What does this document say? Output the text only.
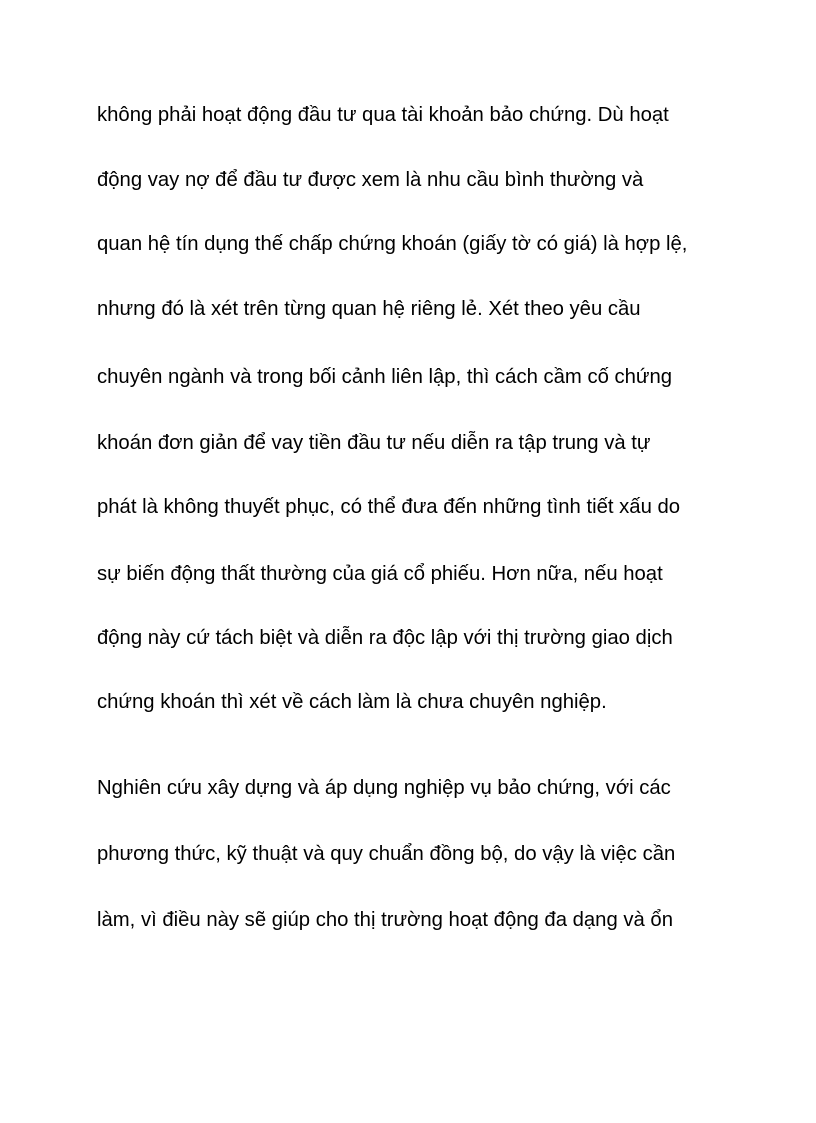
không phải hoạt động đầu tư qua tài khoản bảo chứng. Dù hoạt
động vay nợ để đầu tư được xem là nhu cầu bình thường và
quan hệ tín dụng thế chấp chứng khoán (giấy tờ có giá) là hợp lệ,
nhưng đó là xét trên từng quan hệ riêng lẻ. Xét theo yêu cầu
chuyên ngành và trong bối cảnh liên lập, thì cách cầm cố chứng
khoán đơn giản để vay tiền đầu tư nếu diễn ra tập trung và tự
phát là không thuyết phục, có thể đưa đến những tình tiết xấu do
sự biến động thất thường của giá cổ phiếu. Hơn nữa, nếu hoạt
động này cứ tách biệt và diễn ra độc lập với thị trường giao dịch
chứng khoán thì xét về cách làm là chưa chuyên nghiệp.
Nghiên cứu xây dựng và áp dụng nghiệp vụ bảo chứng, với các
phương thức, kỹ thuật và quy chuẩn đồng bộ, do vậy là việc cần
làm, vì điều này sẽ giúp cho thị trường hoạt động đa dạng và ổn
